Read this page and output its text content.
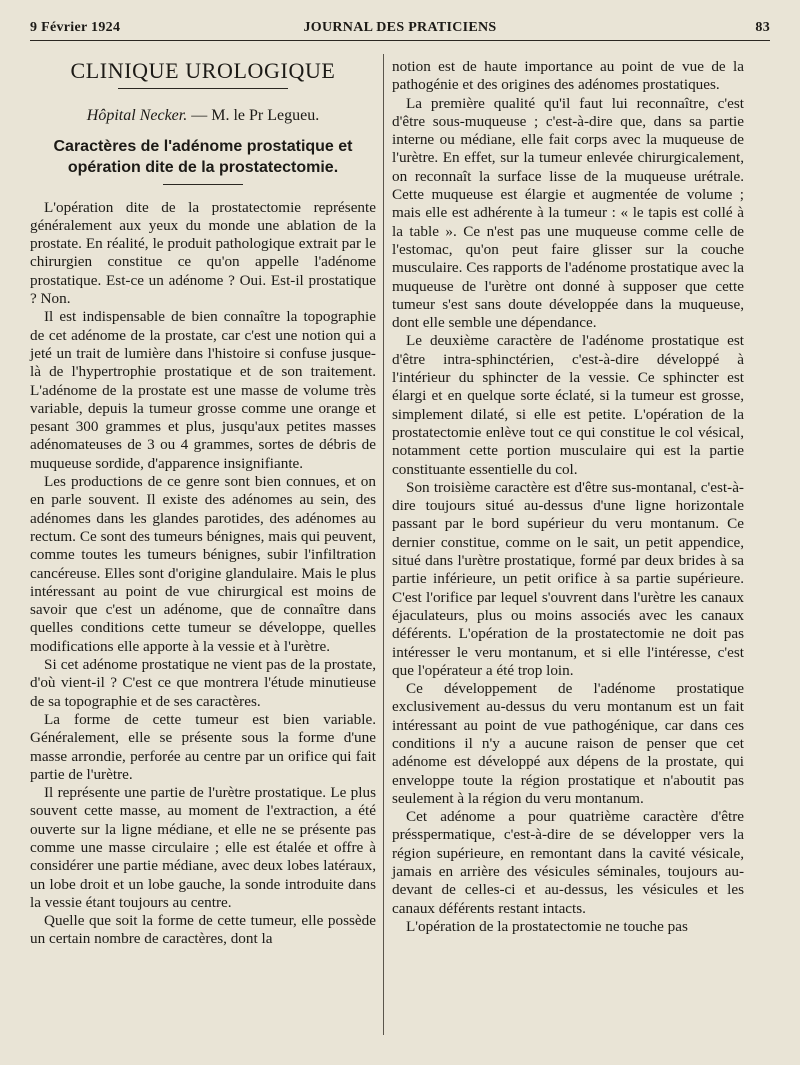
9 Février 1924	JOURNAL DES PRATICIENS	83
CLINIQUE UROLOGIQUE
Hôpital Necker. — M. le Pr Legueu.
Caractères de l'adénome prostatique et opération dite de la prostatectomie.

L'opération dite de la prostatectomie représente généralement aux yeux du monde une ablation de la prostate. En réalité, le produit pathologique extrait par le chirurgien constitue ce qu'on appelle l'adénome prostatique. Est-ce un adénome ? Oui. Est-il prostatique ? Non.

Il est indispensable de bien connaître la topographie de cet adénome de la prostate, car c'est une notion qui a jeté un trait de lumière dans l'histoire si confuse jusque-là de l'hypertrophie prostatique et de son traitement. L'adénome de la prostate est une masse de volume très variable, depuis la tumeur grosse comme une orange et pesant 300 grammes et plus, jusqu'aux petites masses adénomateuses de 3 ou 4 grammes, sortes de débris de muqueuse sordide, d'apparence insignifiante.

Les productions de ce genre sont bien connues, et on en parle souvent. Il existe des adénomes au sein, des adénomes dans les glandes parotides, des adénomes au rectum. Ce sont des tumeurs bénignes, mais qui peuvent, comme toutes les tumeurs bénignes, subir l'infiltration cancéreuse. Elles sont d'origine glandulaire. Mais le plus intéressant au point de vue chirurgical est moins de savoir que c'est un adénome, que de connaître dans quelles conditions cette tumeur se développe, quelles modifications elle apporte à la vessie et à l'urètre.

Si cet adénome prostatique ne vient pas de la prostate, d'où vient-il ? C'est ce que montrera l'étude minutieuse de sa topographie et de ses caractères.

La forme de cette tumeur est bien variable. Généralement, elle se présente sous la forme d'une masse arrondie, perforée au centre par un orifice qui fait partie de l'urètre.

Il représente une partie de l'urètre prostatique. Le plus souvent cette masse, au moment de l'extraction, a été ouverte sur la ligne médiane, et elle ne se présente pas comme une masse circulaire ; elle est étalée et offre à considérer une partie médiane, avec deux lobes latéraux, un lobe droit et un lobe gauche, la sonde introduite dans la vessie étant toujours au centre.

Quelle que soit la forme de cette tumeur, elle possède un certain nombre de caractères, dont la

notion est de haute importance au point de vue de la pathogénie et des origines des adénomes prostatiques.

La première qualité qu'il faut lui reconnaître, c'est d'être sous-muqueuse ; c'est-à-dire que, dans sa partie interne ou médiane, elle fait corps avec la muqueuse de l'urètre. En effet, sur la tumeur enlevée chirurgicalement, on reconnaît la surface lisse de la muqueuse urétrale. Cette muqueuse est élargie et augmentée de volume ; mais elle est adhérente à la tumeur : « le tapis est collé à la table ». Ce n'est pas une muqueuse comme celle de l'estomac, qu'on peut faire glisser sur la couche musculaire. Ces rapports de l'adénome prostatique avec la muqueuse de l'urètre ont donné à supposer que cette tumeur s'est sans doute développée dans la muqueuse, dont elle semble une dépendance.

Le deuxième caractère de l'adénome prostatique est d'être intra-sphinctérien, c'est-à-dire développé à l'intérieur du sphincter de la vessie. Ce sphincter est élargi et en quelque sorte éclaté, si la tumeur est grosse, simplement dilaté, si elle est petite. L'opération de la prostatectomie enlève tout ce qui constitue le col vésical, notamment cette portion musculaire qui est la partie constituante essentielle du col.

Son troisième caractère est d'être sus-montanal, c'est-à-dire toujours situé au-dessus d'une ligne horizontale passant par le bord supérieur du veru montanum. Ce dernier constitue, comme on le sait, un petit appendice, situé dans l'urètre prostatique, formé par deux brides à sa partie inférieure, un petit orifice à sa partie supérieure. C'est l'orifice par lequel s'ouvrent dans l'urètre les canaux éjaculateurs, plus ou moins associés avec les canaux déférents. L'opération de la prostatectomie ne doit pas intéresser le veru montanum, et si elle l'intéresse, c'est que l'opérateur a été trop loin.

Ce développement de l'adénome prostatique exclusivement au-dessus du veru montanum est un fait intéressant au point de vue pathogénique, car dans ces conditions il n'y a aucune raison de penser que cet adénome est développé aux dépens de la prostate, qui enveloppe toute la région prostatique et n'aboutit pas seulement à la région du veru montanum.

Cet adénome a pour quatrième caractère d'être présspermatique, c'est-à-dire de se développer vers la région supérieure, en remontant dans la cavité vésicale, jamais en arrière des vésicules séminales, toujours au-devant de celles-ci et au-dessus, les vésicules et les canaux déférents restant intacts.

L'opération de la prostatectomie ne touche pas
